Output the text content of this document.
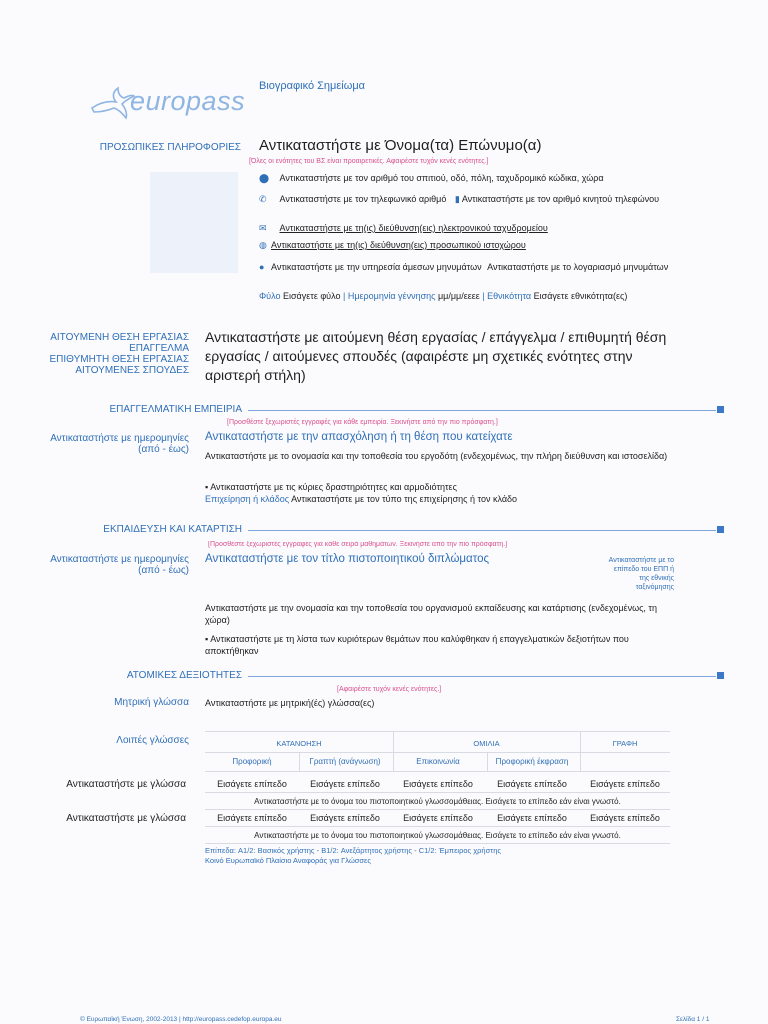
europass Βιογραφικό Σημείωμα
ΠΡΟΣΩΠΙΚΕΣ ΠΛΗΡΟΦΟΡΙΕΣ Αντικαταστήστε με Όνομα(τα) Επώνυμο(α)
[Όλες οι ενότητες του ΒΣ είναι προαιρετικές. Αφαιρέστε τυχόν κενές ενότητες.]
⬤ Αντικαταστήστε με τον αριθμό του σπιτιού, οδό, πόλη, ταχυδρομικό κώδικα, χώρα
✆ Αντικαταστήστε με τον τηλεφωνικό αριθμό ▮ Αντικαταστήστε με τον αριθμό κινητού τηλεφώνου
✉ Αντικαταστήστε με τη(ις) διεύθυνση(εις) ηλεκτρονικού ταχυδρομείου
◍ Αντικαταστήστε με τη(ις) διεύθυνση(εις) προσωπικού ιστοχώρου
● Αντικαταστήστε με την υπηρεσία άμεσων μηνυμάτων Αντικαταστήστε με το λογαριασμό μηνυμάτων
Φύλο Εισάγετε φύλο | Ημερομηνία γέννησης μμ/μμ/εεεε | Εθνικότητα Εισάγετε εθνικότητα(ες)
ΑΙΤΟΥΜΕΝΗ ΘΕΣΗ ΕΡΓΑΣΙΑΣ
ΕΠΑΓΓΕΛΜΑ
ΕΠΙΘΥΜΗΤΗ ΘΕΣΗ ΕΡΓΑΣΙΑΣ
ΑΙΤΟΥΜΕΝΕΣ ΣΠΟΥΔΕΣ
Αντικαταστήστε με αιτούμενη θέση εργασίας / επάγγελμα / επιθυμητή θέση εργασίας / αιτούμενες σπουδές (αφαιρέστε μη σχετικές ενότητες στην αριστερή στήλη)
ΕΠΑΓΓΕΛΜΑΤΙΚΗ ΕΜΠΕΙΡΙΑ
[Προσθέστε ξεχωριστές εγγραφές για κάθε εμπειρία. Ξεκινήστε από την πιο πρόσφατη.]
Αντικαταστήστε με ημερομηνίες
(από - έως)
Αντικαταστήστε με την απασχόληση ή τη θέση που κατείχατε
Αντικαταστήστε με το ονομασία και την τοποθεσία του εργοδότη (ενδεχομένως, την πλήρη διεύθυνση και ιστοσελίδα)
▪ Αντικαταστήστε με τις κύριες δραστηριότητες και αρμοδιότητες
Επιχείρηση ή κλάδος Αντικαταστήστε με τον τύπο της επιχείρησης ή τον κλάδο
ΕΚΠΑΙΔΕΥΣΗ ΚΑΙ ΚΑΤΑΡΤΙΣΗ
[Προσθέστε ξεχωριστές εγγραφές για κάθε σειρά μαθημάτων. Ξεκινήστε από την πιο πρόσφατη.]
Αντικαταστήστε με ημερομηνίες
(από - έως)
Αντικαταστήστε με τον τίτλο πιστοποιητικού διπλώματος	Αντικαταστήστε με το
επίπεδο του ΕΠΠ ή
της εθνικής
ταξινόμησης
Αντικαταστήστε με την ονομασία και την τοποθεσία του οργανισμού εκπαίδευσης και κατάρτισης (ενδεχομένως, τη χώρα)
▪ Αντικαταστήστε με τη λίστα των κυριότερων θεμάτων που καλύφθηκαν ή επαγγελματικών δεξιοτήτων που αποκτήθηκαν
ΑΤΟΜΙΚΕΣ ΔΕΞΙΟΤΗΤΕΣ
[Αφαιρέστε τυχόν κενές ενότητες.]
Μητρική γλώσσα Αντικαταστήστε με μητρική(ές) γλώσσα(ες)
Λοιπές γλώσσες	ΚΑΤΑΝΟΗΣΗ	ΟΜΙΛΙΑ	ΓΡΑΦΗ
Προφορική	Γραπτή (ανάγνωση)	Επικοινωνία	Προφορική έκφραση
Αντικαταστήστε με γλώσσα	Εισάγετε επίπεδο	Εισάγετε επίπεδο	Εισάγετε επίπεδο	Εισάγετε επίπεδο	Εισάγετε επίπεδο
Αντικαταστήστε με το όνομα του πιστοποιητικού γλωσσομάθειας. Εισάγετε το επίπεδο εάν είναι γνωστό.
Αντικαταστήστε με γλώσσα	Εισάγετε επίπεδο	Εισάγετε επίπεδο	Εισάγετε επίπεδο	Εισάγετε επίπεδο	Εισάγετε επίπεδο
Αντικαταστήστε με το όνομα του πιστοποιητικού γλωσσομάθειας. Εισάγετε το επίπεδο εάν είναι γνωστό.
Επίπεδα: A1/2: Βασικός χρήστης - B1/2: Ανεξάρτητος χρήστης - C1/2: Έμπειρος χρήστης
Κοινό Ευρωπαϊκό Πλαίσιο Αναφοράς για Γλώσσες
© Ευρωπαϊκή Ένωση, 2002-2013 | http://europass.cedefop.europa.eu	Σελίδα 1 / 1
